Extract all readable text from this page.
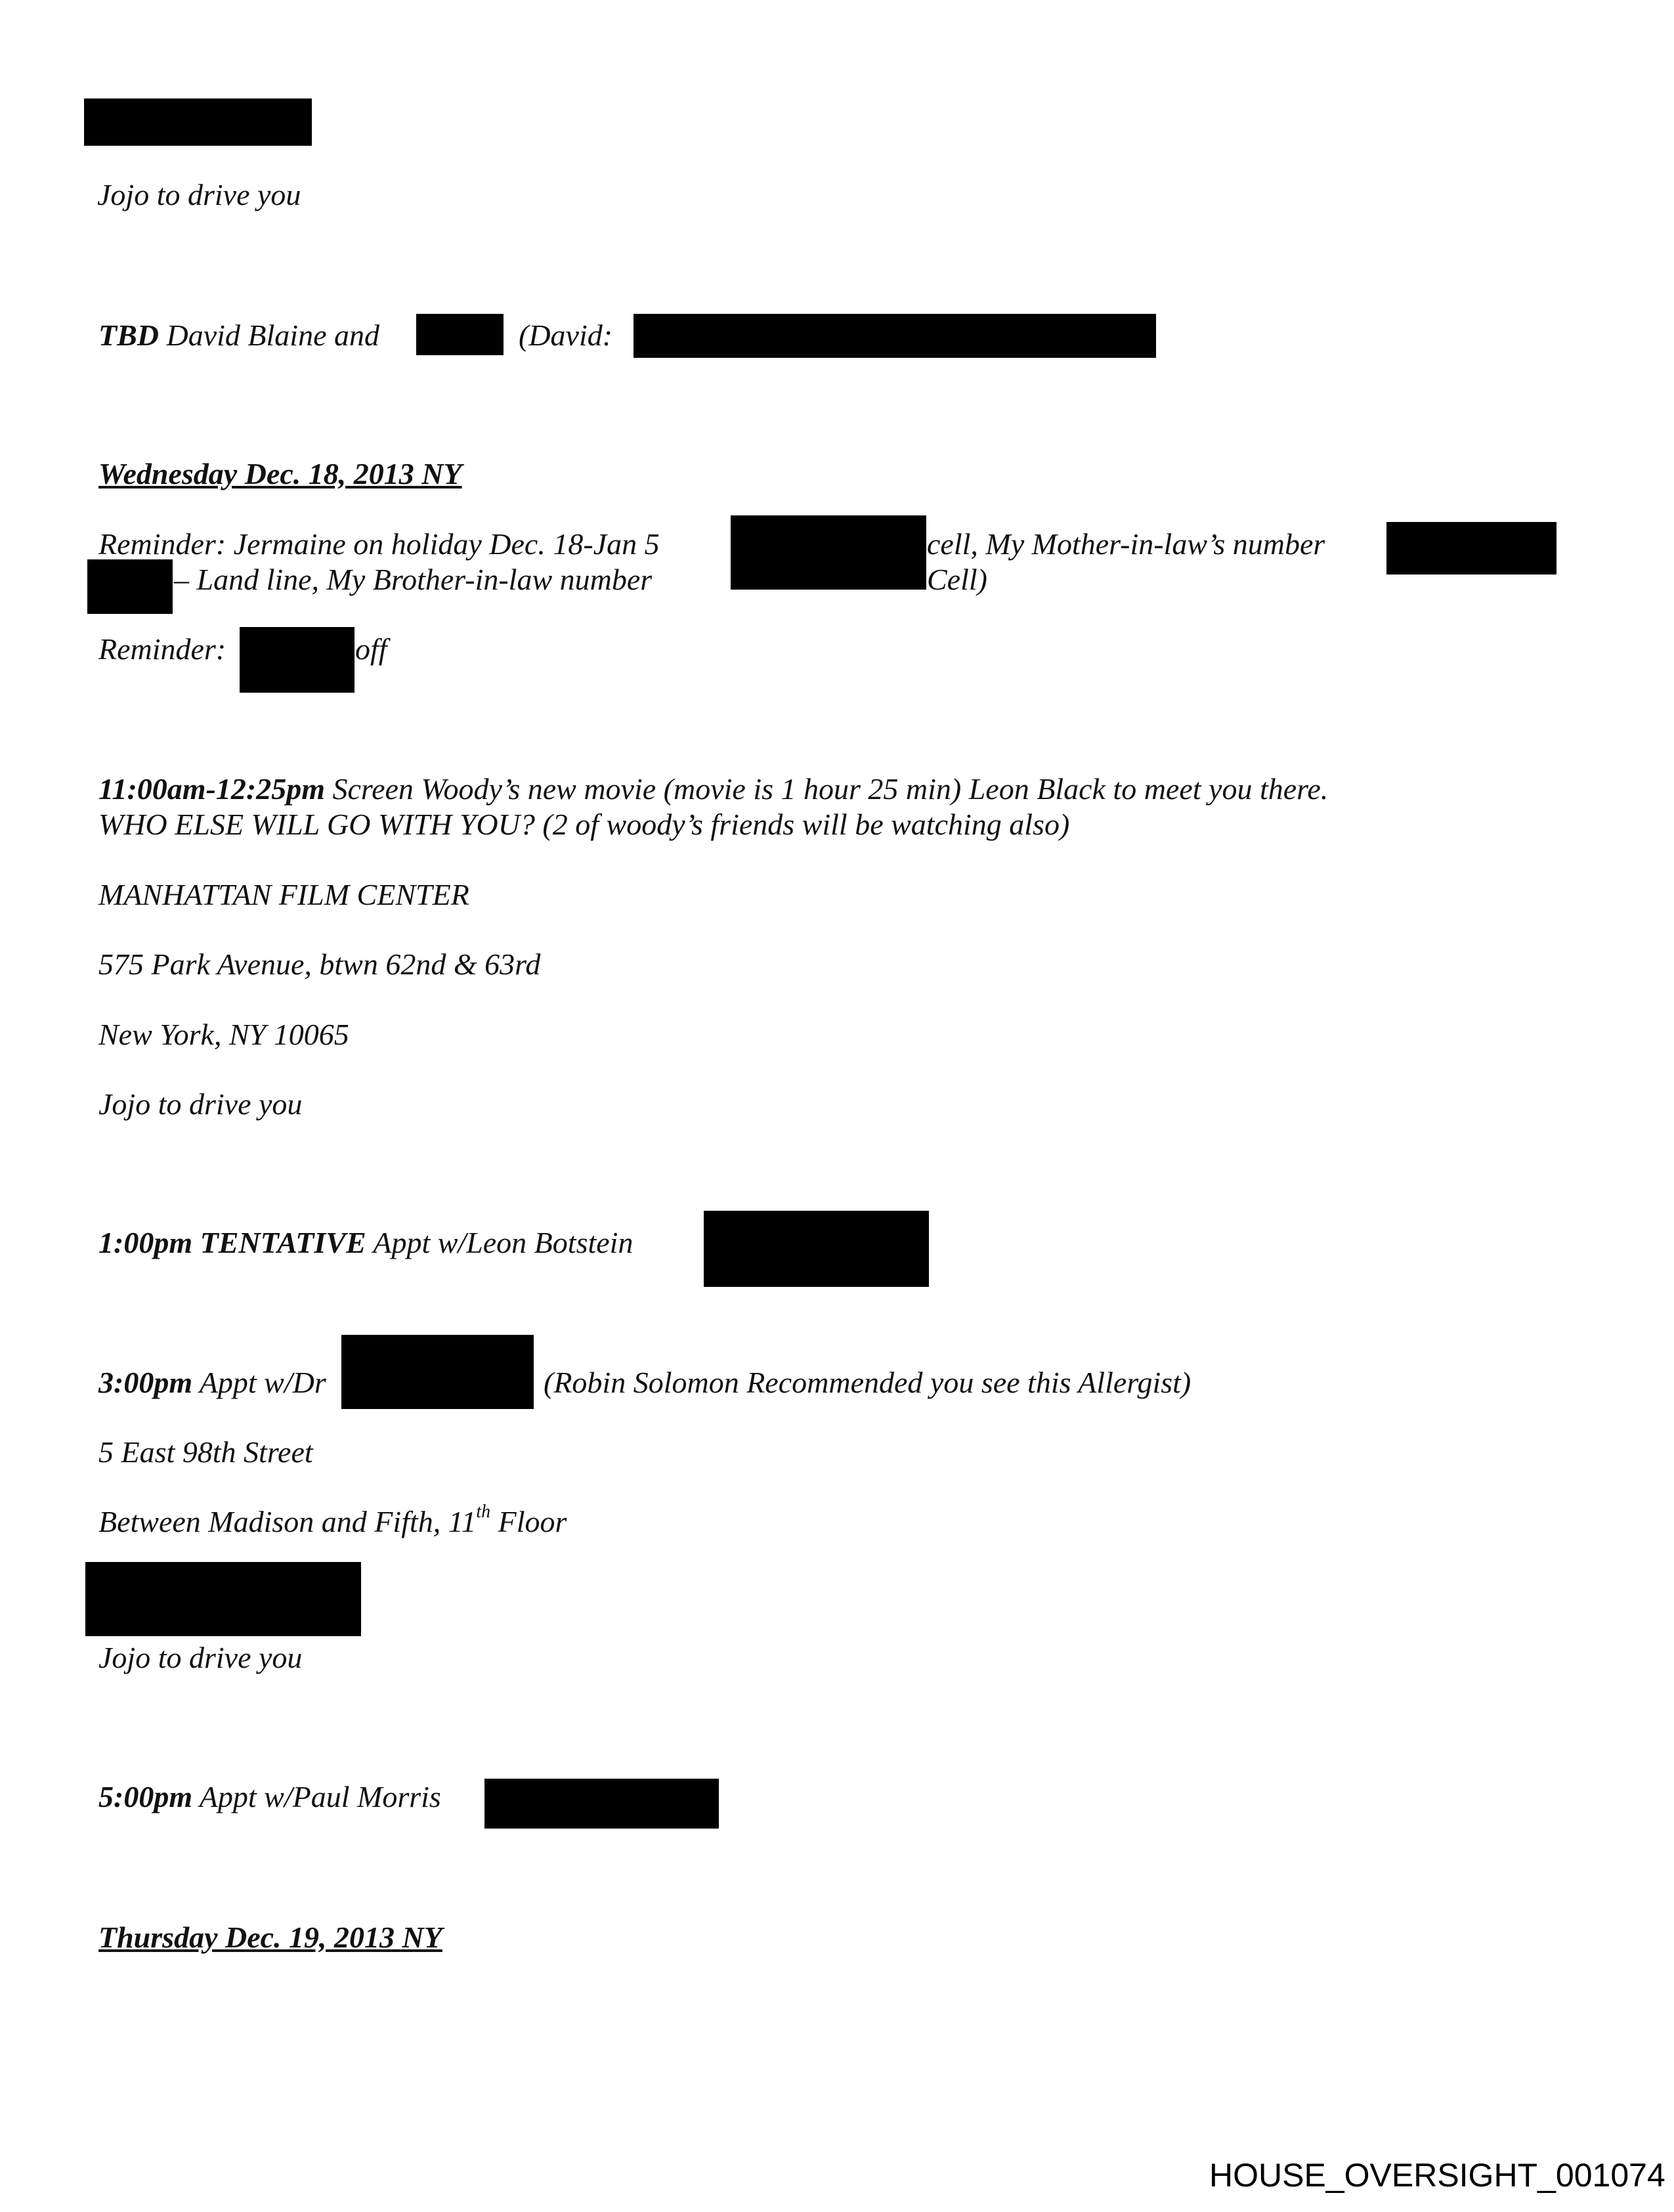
Jojo to drive you
TBD David Blaine and	(David:
Wednesday Dec. 18, 2013 NY
Reminder: Jermaine on holiday Dec. 18-Jan 5	cell, My Mother-in-law’s number
– Land line, My Brother-in-law number	Cell)
Reminder:	off
11:00am-12:25pm Screen Woody’s new movie (movie is 1 hour 25 min) Leon Black to meet you there.
WHO ELSE WILL GO WITH YOU? (2 of woody’s friends will be watching also)
MANHATTAN FILM CENTER
575 Park Avenue, btwn 62nd & 63rd
New York, NY 10065
Jojo to drive you
1:00pm TENTATIVE Appt w/Leon Botstein
3:00pm Appt w/Dr	(Robin Solomon Recommended you see this Allergist)
5 East 98th Street
Between Madison and Fifth, 11th Floor
Jojo to drive you
5:00pm Appt w/Paul Morris
Thursday Dec. 19, 2013 NY
HOUSE_OVERSIGHT_001074
